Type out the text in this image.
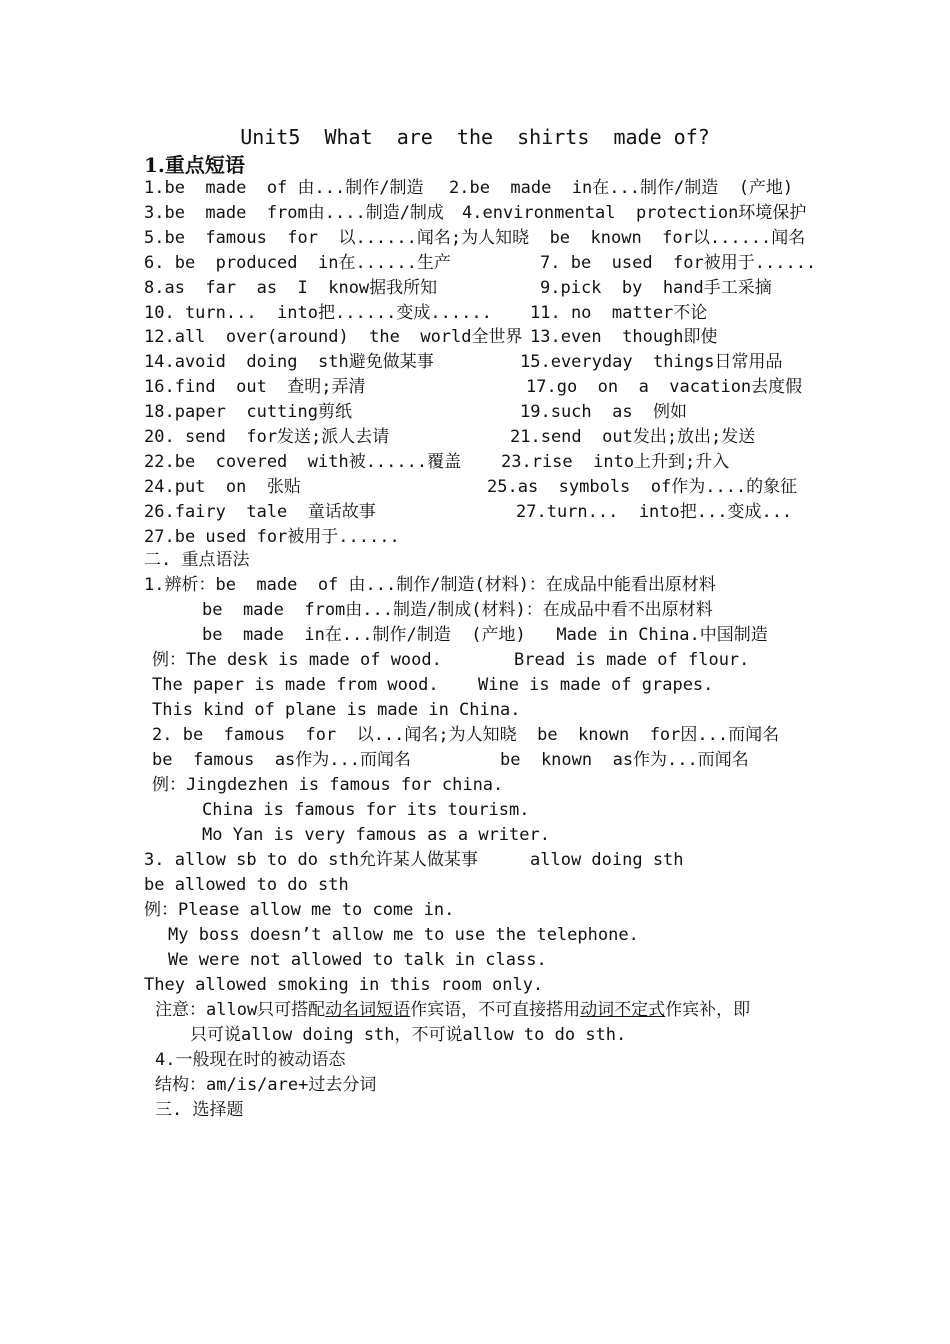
Unit5  What  are  the  shirts  made of?
1.重点短语
1.be  made  of 由...制作/制造 2.be  made  in在...制作/制造  (产地)
3.be  made  from由....制造/制成 4.environmental  protection环境保护
5.be  famous  for  以......闻名;为人知晓  be  known  for以......闻名
6. be  produced  in在......生产	7. be  used  for被用于......
8.as  far  as  I  know据我所知	9.pick  by  hand手工采摘
10. turn...  into把......变成...... 11. no  matter不论
12.all  over(around)  the  world全世界 13.even  though即使
14.avoid  doing  sth避免做某事	15.everyday  things日常用品
16.find  out  查明;弄清	17.go  on  a  vacation去度假
18.paper  cutting剪纸	19.such  as  例如
20. send  for发送;派人去请	21.send  out发出;放出;发送
22.be  covered  with被......覆盖 23.rise  into上升到;升入
24.put  on  张贴	25.as  symbols  of作为....的象征
26.fairy  tale  童话故事	27.turn...  into把...变成...
27.be used for被用于......
二. 重点语法
1.辨析：be  made  of 由...制作/制造(材料)：在成品中能看出原材料
be  made  from由...制造/制成(材料)：在成品中看不出原材料
be  made  in在...制作/制造  (产地)   Made in China.中国制造
例：The desk is made of wood.	Bread is made of flour.
The paper is made from wood. Wine is made of grapes.
This kind of plane is made in China.
2. be  famous  for  以...闻名;为人知晓  be  known  for因...而闻名
be  famous  as作为...而闻名	be  known  as作为...而闻名
例：Jingdezhen is famous for china.
China is famous for its tourism.
Mo Yan is very famous as a writer.
3. allow sb to do sth允许某人做某事	allow doing sth
be allowed to do sth
例：Please allow me to come in.
My boss doesn’t allow me to use the telephone.
We were not allowed to talk in class.
They allowed smoking in this room only.
注意：allow只可搭配动名词短语作宾语，不可直接搭用动词不定式作宾补，即
只可说allow doing sth，不可说allow to do sth.
4.一般现在时的被动语态
结构：am/is/are+过去分词
三. 选择题
